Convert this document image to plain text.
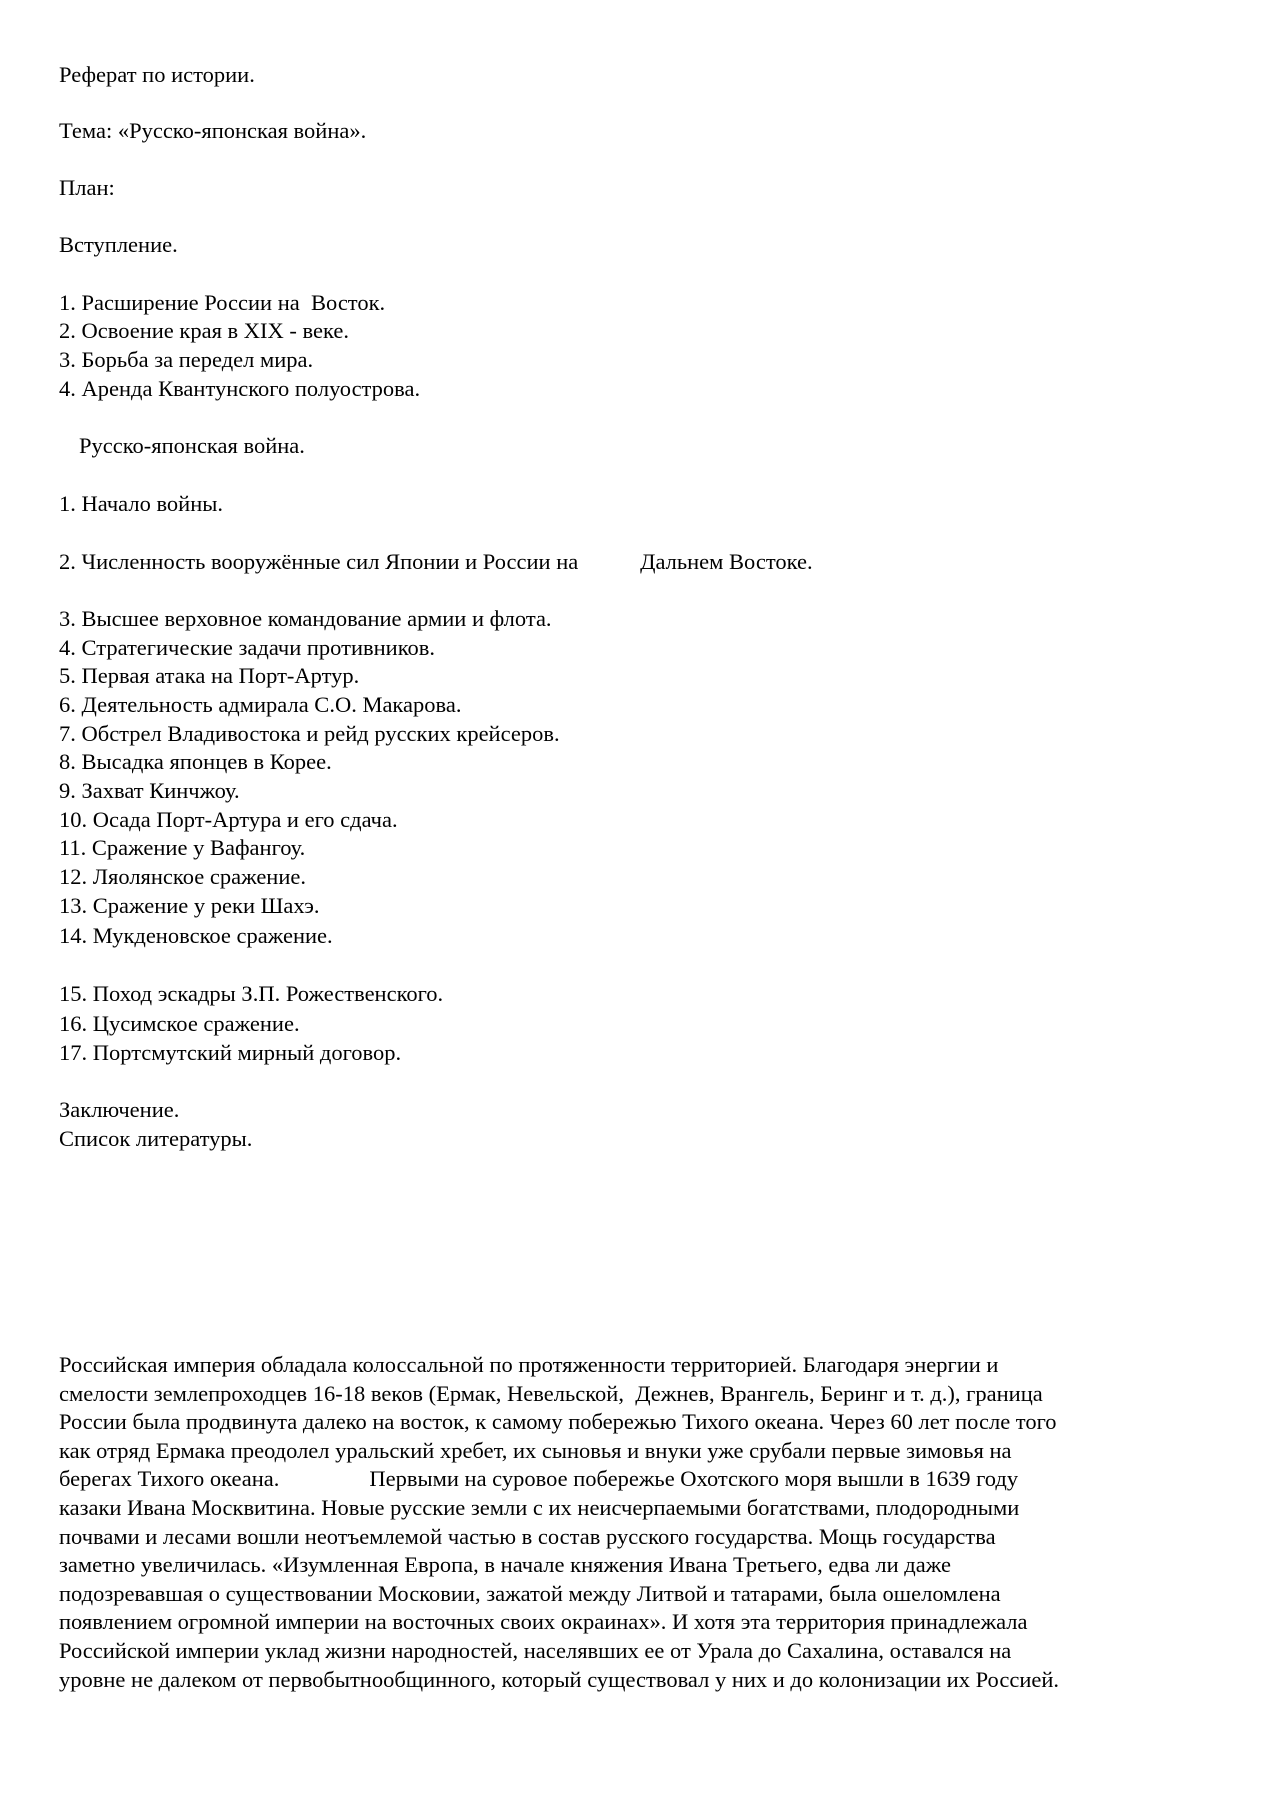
Реферат по истории.
Тема: «Русско-японская война».
План:
Вступление.
1. Расширение России на  Восток.
2. Освоение края в XIX - веке.
3. Борьба за передел мира.
4. Аренда Квантунского полуострова.
Русско-японская война.
1. Начало войны.
2. Численность вооружённые сил Японии и России на           Дальнем Востоке.
3. Высшее верховное командование армии и флота.
4. Стратегические задачи противников.
5. Первая атака на Порт-Артур.
6. Деятельность адмирала С.О. Макарова.
7. Обстрел Владивостока и рейд русских крейсеров.
8. Высадка японцев в Корее.
9. Захват Кинчжоу.
10. Осада Порт-Артура и его сдача.
11. Сражение у Вафангоу.
12. Ляолянское сражение.
13. Сражение у реки Шахэ.
14. Мукденовское сражение.
15. Поход эскадры З.П. Рожественского.
16. Цусимское сражение.
17. Портсмутский мирный договор.
Заключение.
Список литературы.
Российская империя обладала колоссальной по протяженности территорией. Благодаря энергии и
смелости землепроходцев 16-18 веков (Ермак, Невельской,  Дежнев, Врангель, Беринг и т. д.), граница
России была продвинута далеко на восток, к самому побережью Тихого океана. Через 60 лет после того
как отряд Ермака преодолел уральский хребет, их сыновья и внуки уже срубали первые зимовья на
берегах Тихого океана.                Первыми на суровое побережье Охотского моря вышли в 1639 году
казаки Ивана Москвитина. Новые русские земли с их неисчерпаемыми богатствами, плодородными
почвами и лесами вошли неотъемлемой частью в состав русского государства. Мощь государства
заметно увеличилась. «Изумленная Европа, в начале княжения Ивана Третьего, едва ли даже
подозревавшая о существовании Московии, зажатой между Литвой и татарами, была ошеломлена
появлением огромной империи на восточных своих окраинах». И хотя эта территория принадлежала
Российской империи уклад жизни народностей, населявших ее от Урала до Сахалина, оставался на
уровне не далеком от первобытнообщинного, который существовал у них и до колонизации их Россией.
